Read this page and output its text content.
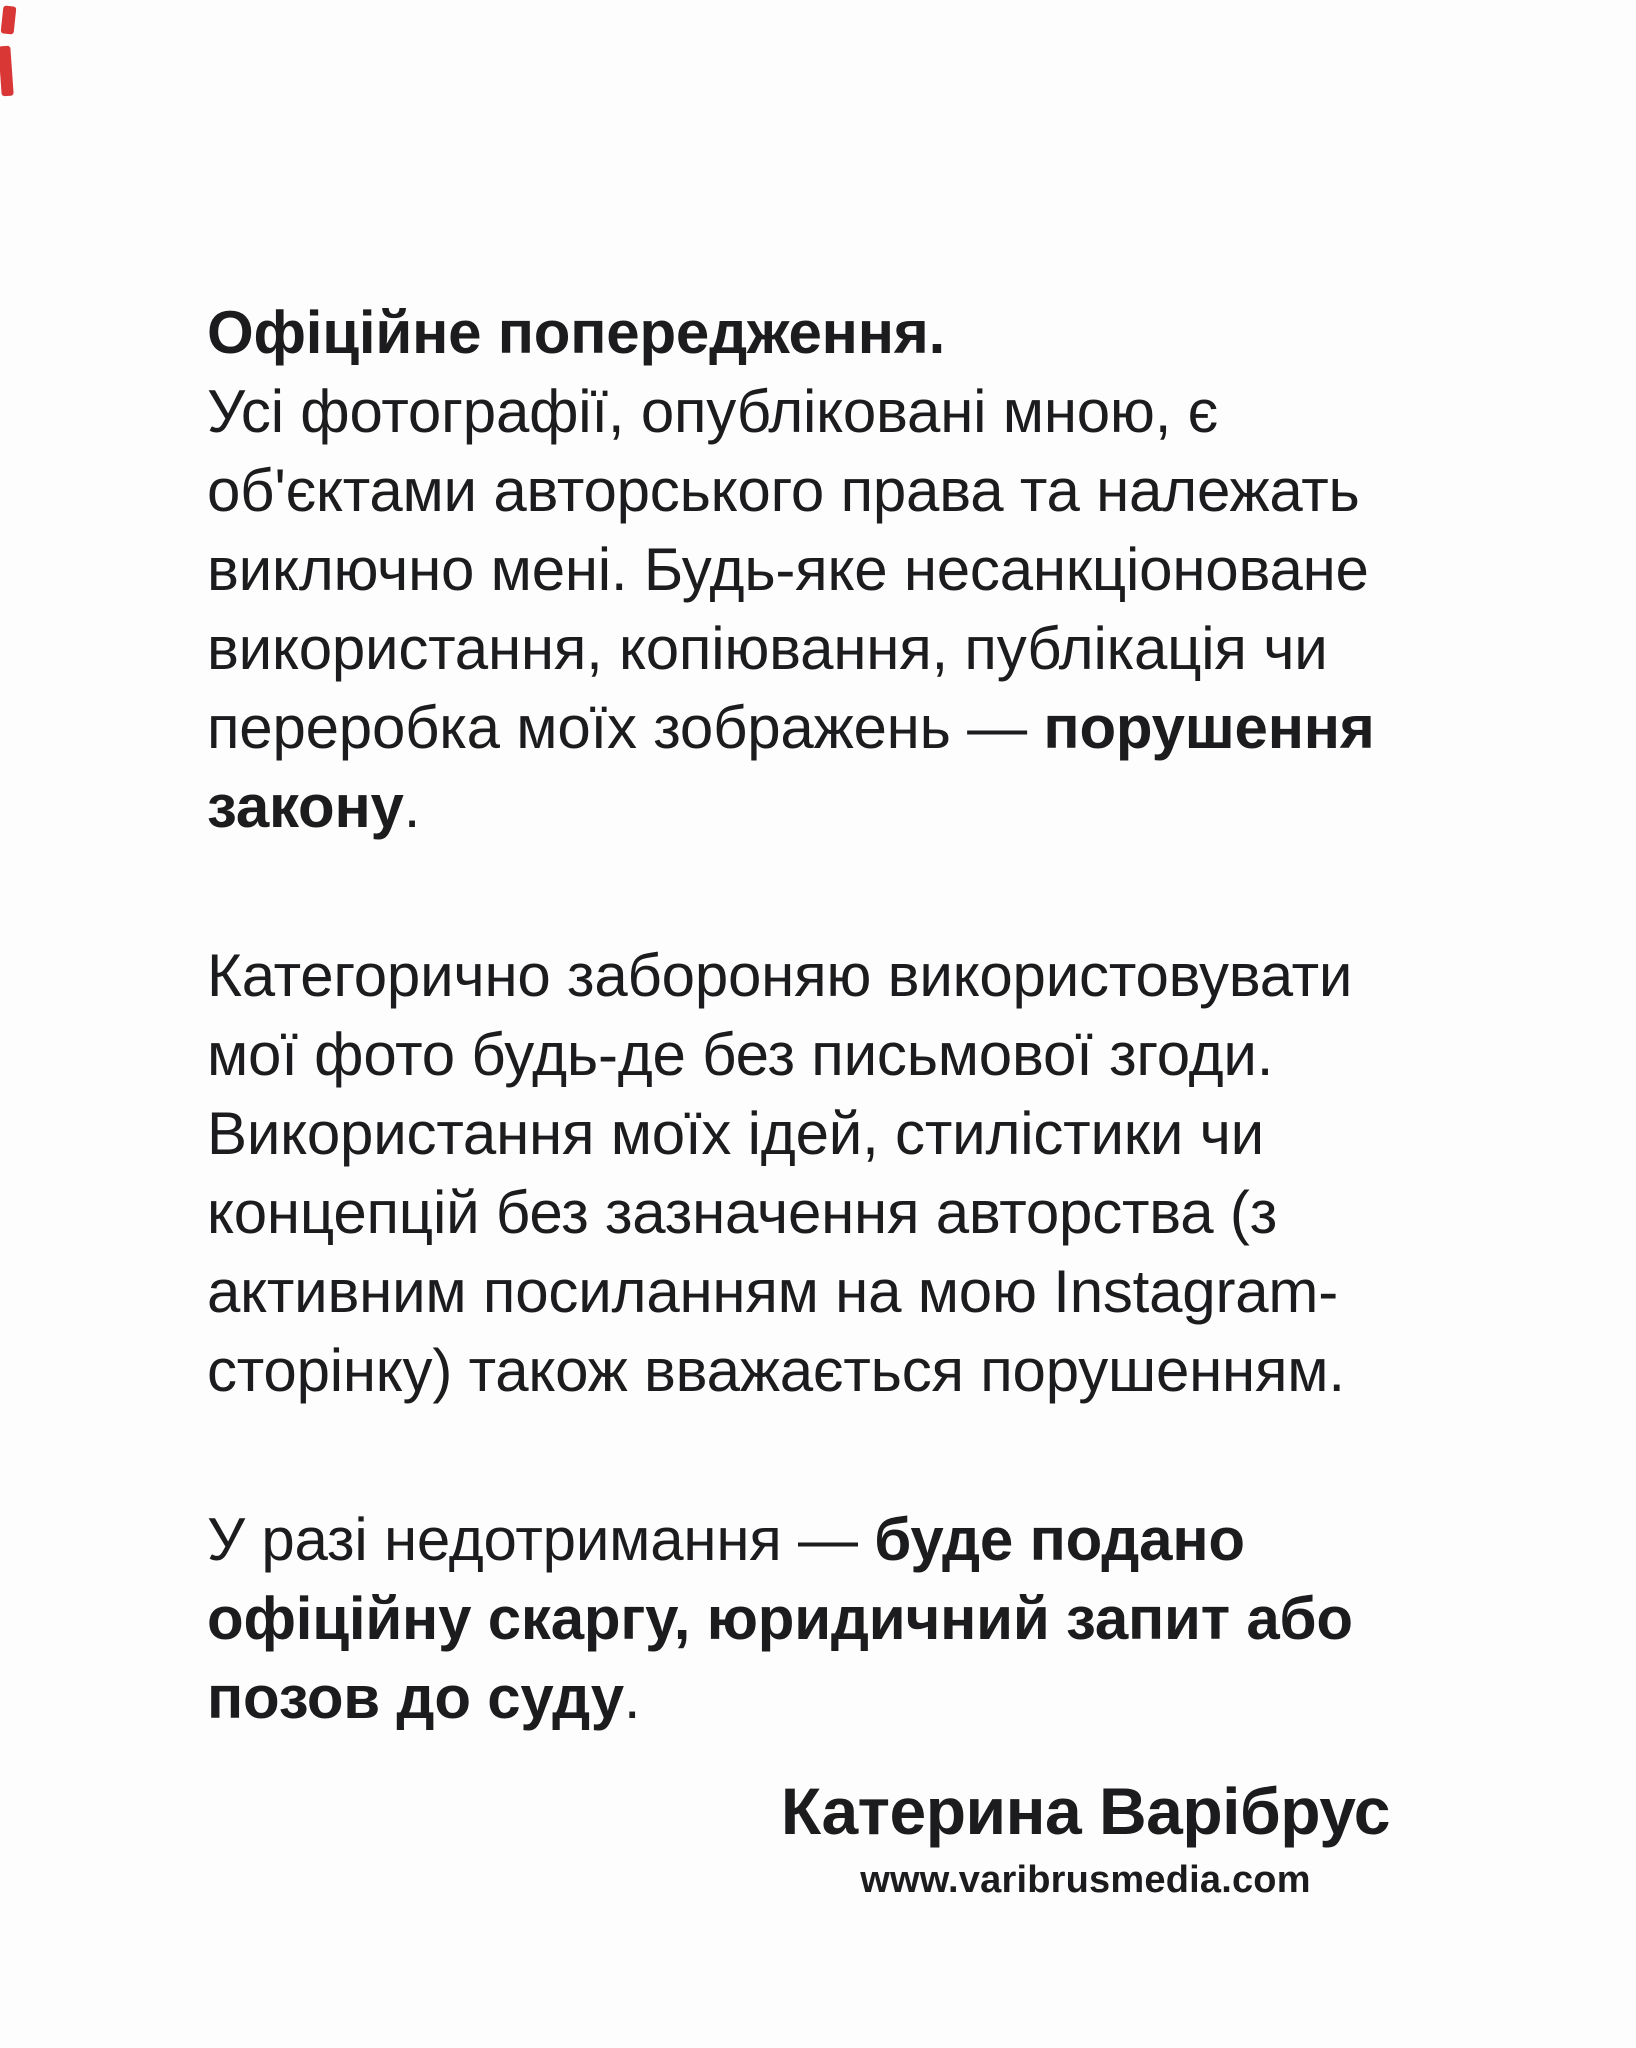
Офіційне попередження.
Усі фотографії, опубліковані мною, є
об'єктами авторського права та належать
виключно мені. Будь-яке несанкціоноване
використання, копіювання, публікація чи
переробка моїх зображень — порушення
закону.
Категорично забороняю використовувати
мої фото будь-де без письмової згоди.
Використання моїх ідей, стилістики чи
концепцій без зазначення авторства (з
активним посиланням на мою Instagram-
сторінку) також вважається порушенням.
У разі недотримання — буде подано
офіційну скаргу, юридичний запит або
позов до суду.
Катерина Варібрус
www.varibrusmedia.com
